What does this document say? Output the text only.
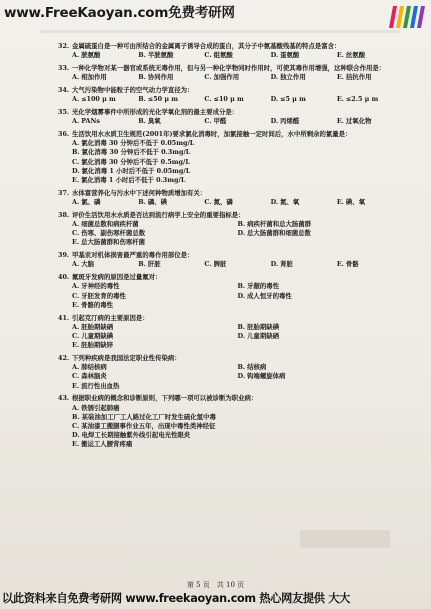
www.FreeKaoyan.com免费考研网
32. 金属硫蛋白是一种可由所结合的金属离子诱导合成的蛋白，其分子中氨基酸残基的特点是富含：
A. 胱氨酸	B. 半胱氨酸	C. 组氨酸	D. 蛋氨酸	E. 丝氨酸
33. 一种化学物对某一器官或系统无毒作用，但与另一种化学物同时作用时，可使其毒作用增强，这种联合作用是：
A. 相加作用	B. 协同作用	C. 加强作用	D. 独立作用	E. 拮抗作用
34. 大气污染物中能粒子的空气动力学直径为：
A. ≤100 μ m	B. ≤50 μ m	C. ≤10 μ m	D. ≤5 μ m	E. ≤2.5 μ m
35. 光化学烟雾事件中所形成的光化学氧化剂的最主要成分是：
A. PANs	B. 臭氧	C. 甲醛	D. 丙烯醛	E. 过氧化物
36. 生活饮用水水质卫生规范(2001年)要求氯化消毒时，加氯接触一定时间后，水中所剩余的氯量是：
A. 氯化消毒 30 分钟后不低于 0.05mg/L
B. 氯化消毒 30 分钟后不低于 0.3mg/L
C. 氯化消毒 30 分钟后不低于 0.5mg/L
D. 氯化消毒 1 小时后不低于 0.05mg/L
E. 氯化消毒 1 小时后不低于 0.3mg/L
37. 水体富营养化与污水中下述何种物质增加有关：
A. 氯、磷	B. 磷、碘	C. 氮、磷	D. 氮、氧	E. 碘、氧
38. 评价生活饮用水水质是否达到流行病学上安全的重要指标是：
A. 细菌总数和病疾杆菌	B. 病疾杆菌和总大肠菌群
C. 伤寒、副伤寒杆菌总数	D. 总大肠菌群和细菌总数
E. 总大肠菌群和伤寒杆菌
39. 甲基汞对机体损害最严重的毒作用部位是：
A. 大脑	B. 肝脏	C. 脾脏	D. 肾脏	E. 骨骼
40. 氟斑牙发病的原因是过量氟对：
A. 牙神经的毒性	B. 牙龈的毒性
C. 牙胚发育的毒性	D. 成人恒牙的毒性
E. 骨骼的毒性
41. 引起克汀病的主要原因是：
A. 胚胎期缺硒	B. 胚胎期缺碘
C. 儿童期缺碘	D. 儿童期缺硒
E. 胚胎期缺锌
42. 下列种疾病是我国法定职业性传染病：
A. 肺结核病	B. 结核病
C. 森林脑炎	D. 钩端螺旋体病
E. 流行性出血热
43. 根据职业病的概念和诊断原则，下列哪一项可以被诊断为职业病：
A. 铁锈引起肺癌
B. 某装油加工厂工人路过化工厂时发生硫化氢中毒
C. 某油漆工搬腿事作业五年，出现中毒性类神经征
D. 电焊工长期接触紫外线引起电光性眼炎
E. 搬运工人腰背疼痛
第 5 页　共 10 页
以此资料来自免费考研网 www.freekaoyan.com 热心网友提供 大大
